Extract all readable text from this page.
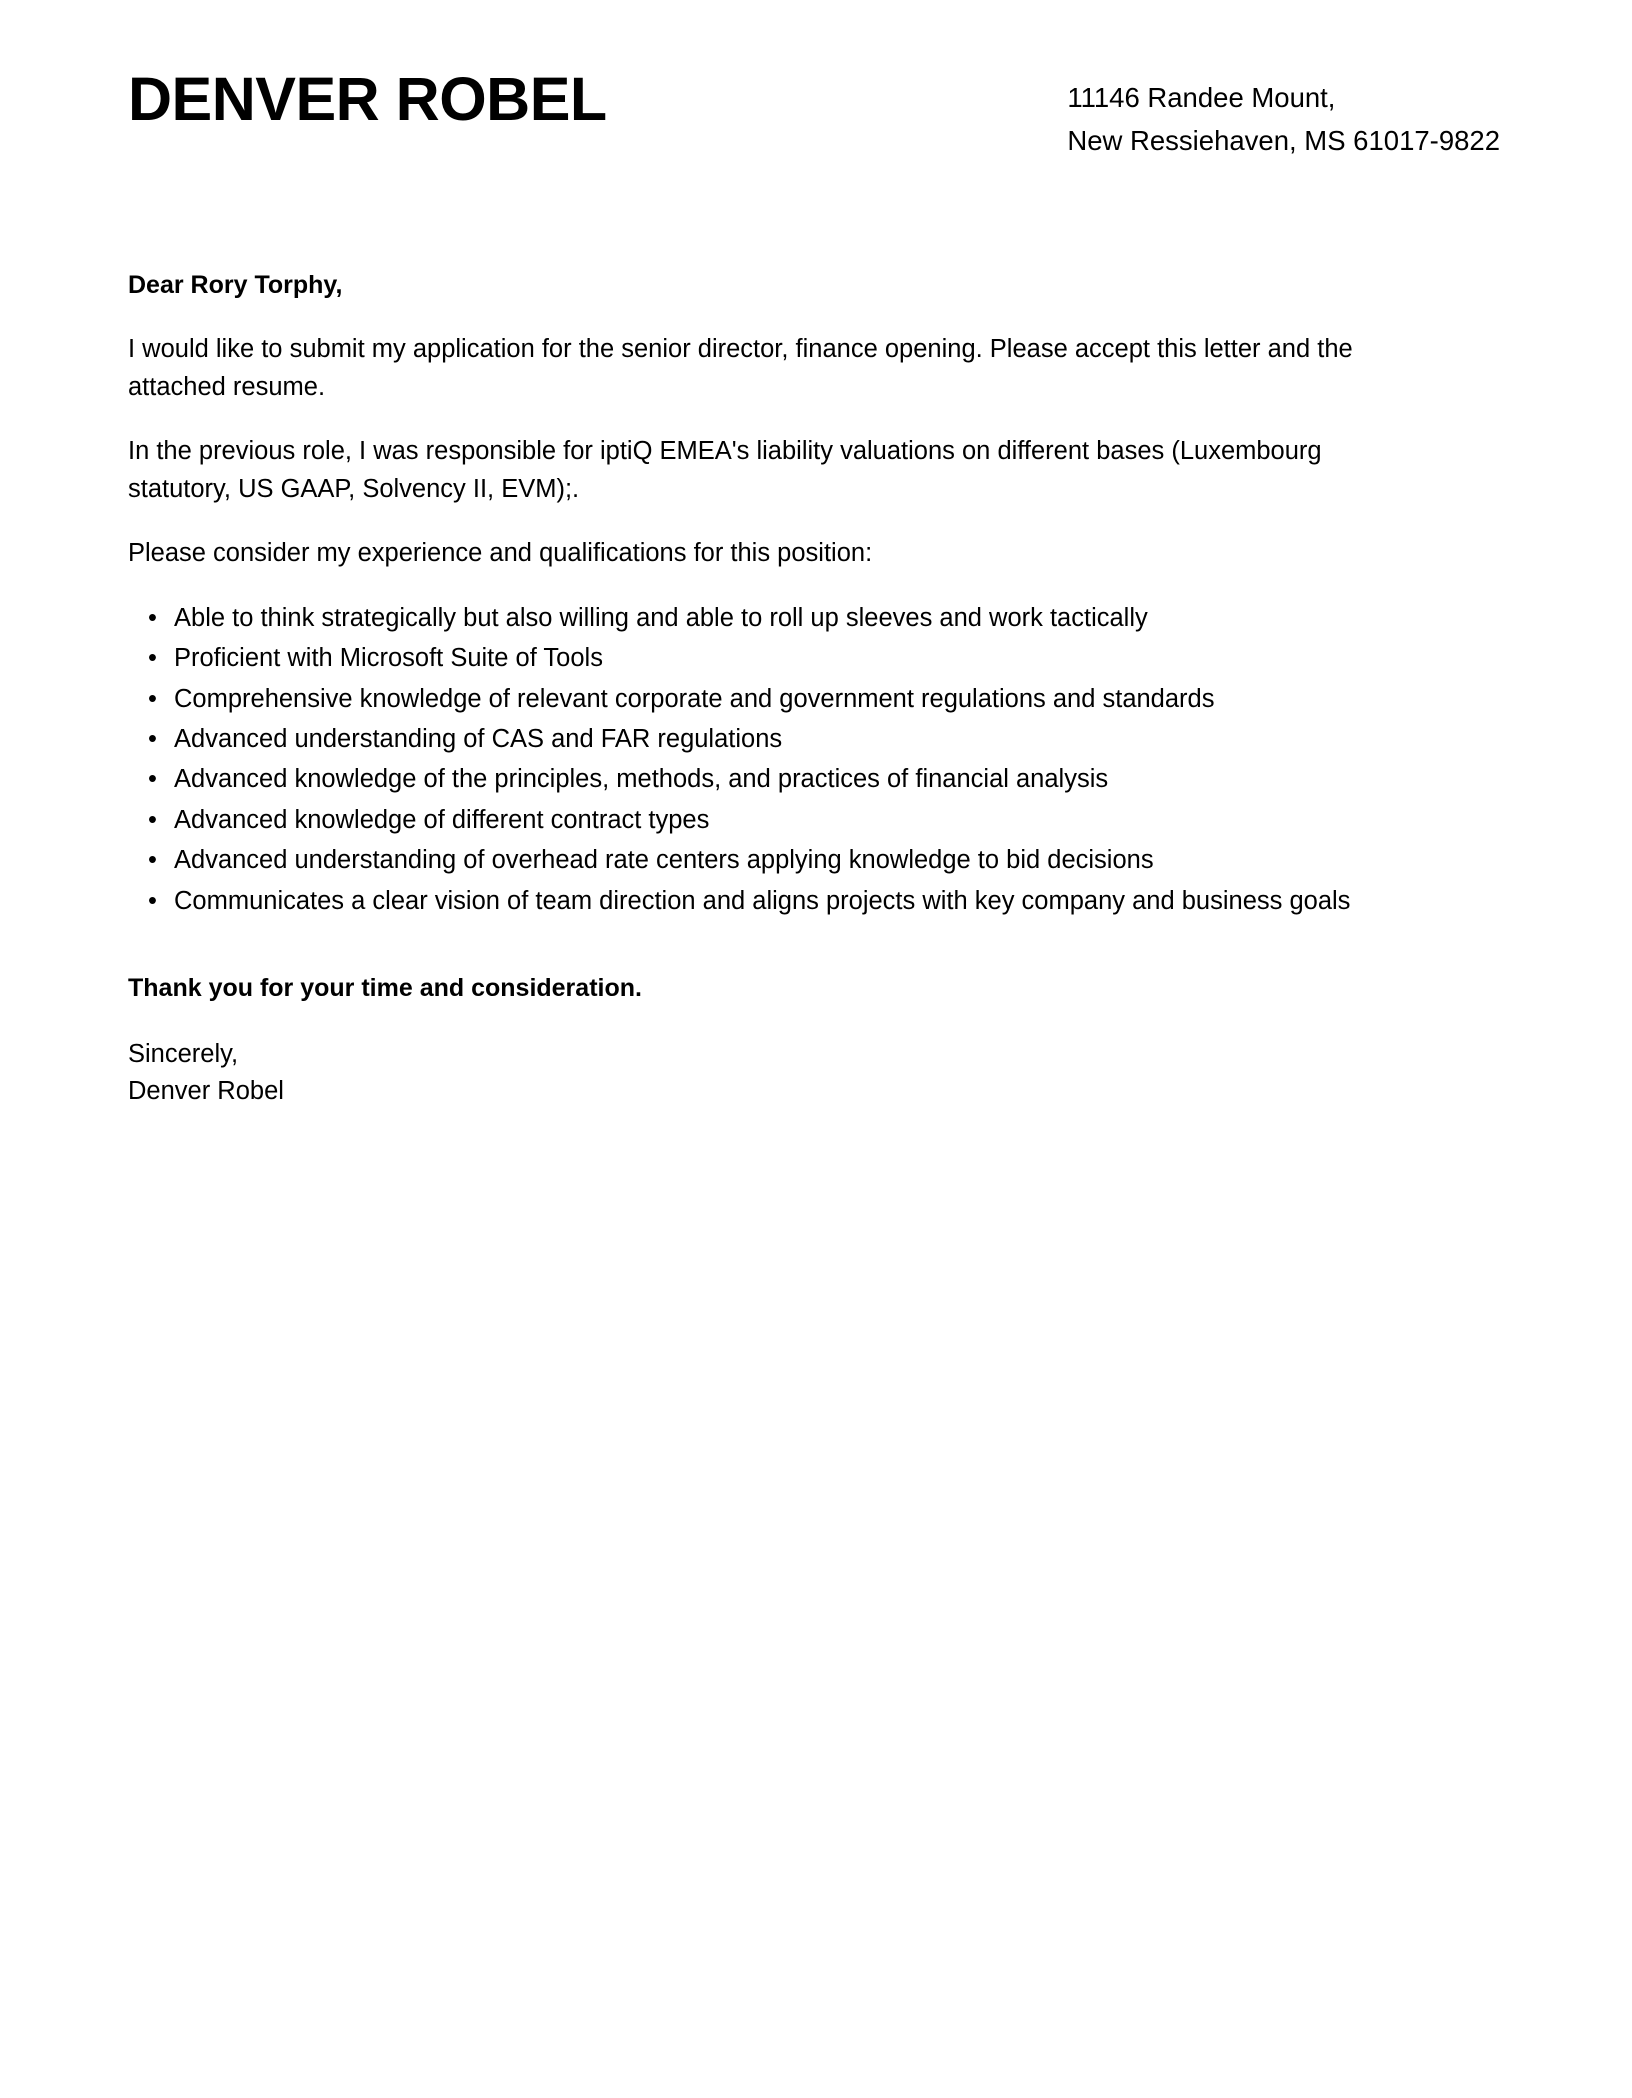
DENVER ROBEL	11146 Randee Mount,
New Ressiehaven, MS 61017-9822
Dear Rory Torphy,

I would like to submit my application for the senior director, finance opening. Please accept this letter and the attached resume.

In the previous role, I was responsible for iptiQ EMEA's liability valuations on different bases (Luxembourg statutory, US GAAP, Solvency II, EVM);.

Please consider my experience and qualifications for this position:

• Able to think strategically but also willing and able to roll up sleeves and work tactically
• Proficient with Microsoft Suite of Tools
• Comprehensive knowledge of relevant corporate and government regulations and standards
• Advanced understanding of CAS and FAR regulations
• Advanced knowledge of the principles, methods, and practices of financial analysis
• Advanced knowledge of different contract types
• Advanced understanding of overhead rate centers applying knowledge to bid decisions
• Communicates a clear vision of team direction and aligns projects with key company and business goals
Thank you for your time and consideration.

Sincerely,

Denver Robel
